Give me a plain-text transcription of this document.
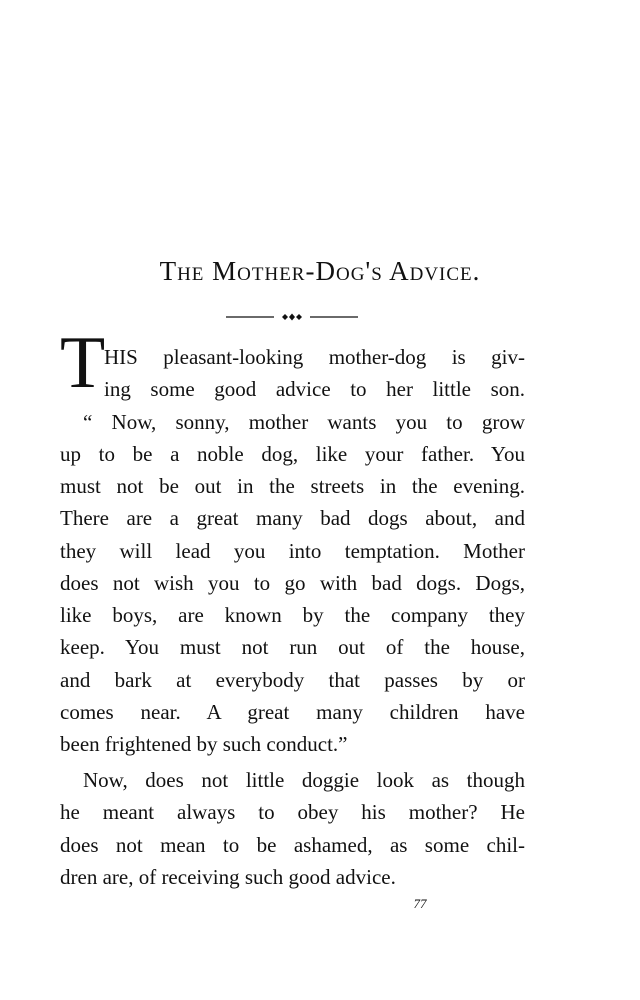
The Mother-Dog's Advice.
T
HIS pleasant-looking mother-dog is giv-
ing some good advice to her little son.
“ Now, sonny, mother wants you to grow
up to be a noble dog, like your father. You
must not be out in the streets in the evening.
There are a great many bad dogs about, and
they will lead you into temptation. Mother
does not wish you to go with bad dogs. Dogs,
like boys, are known by the company they
keep. You must not run out of the house,
and bark at everybody that passes by or
comes near. A great many children have
been frightened by such conduct.”
Now, does not little doggie look as though
he meant always to obey his mother? He
does not mean to be ashamed, as some chil-
dren are, of receiving such good advice.
77
